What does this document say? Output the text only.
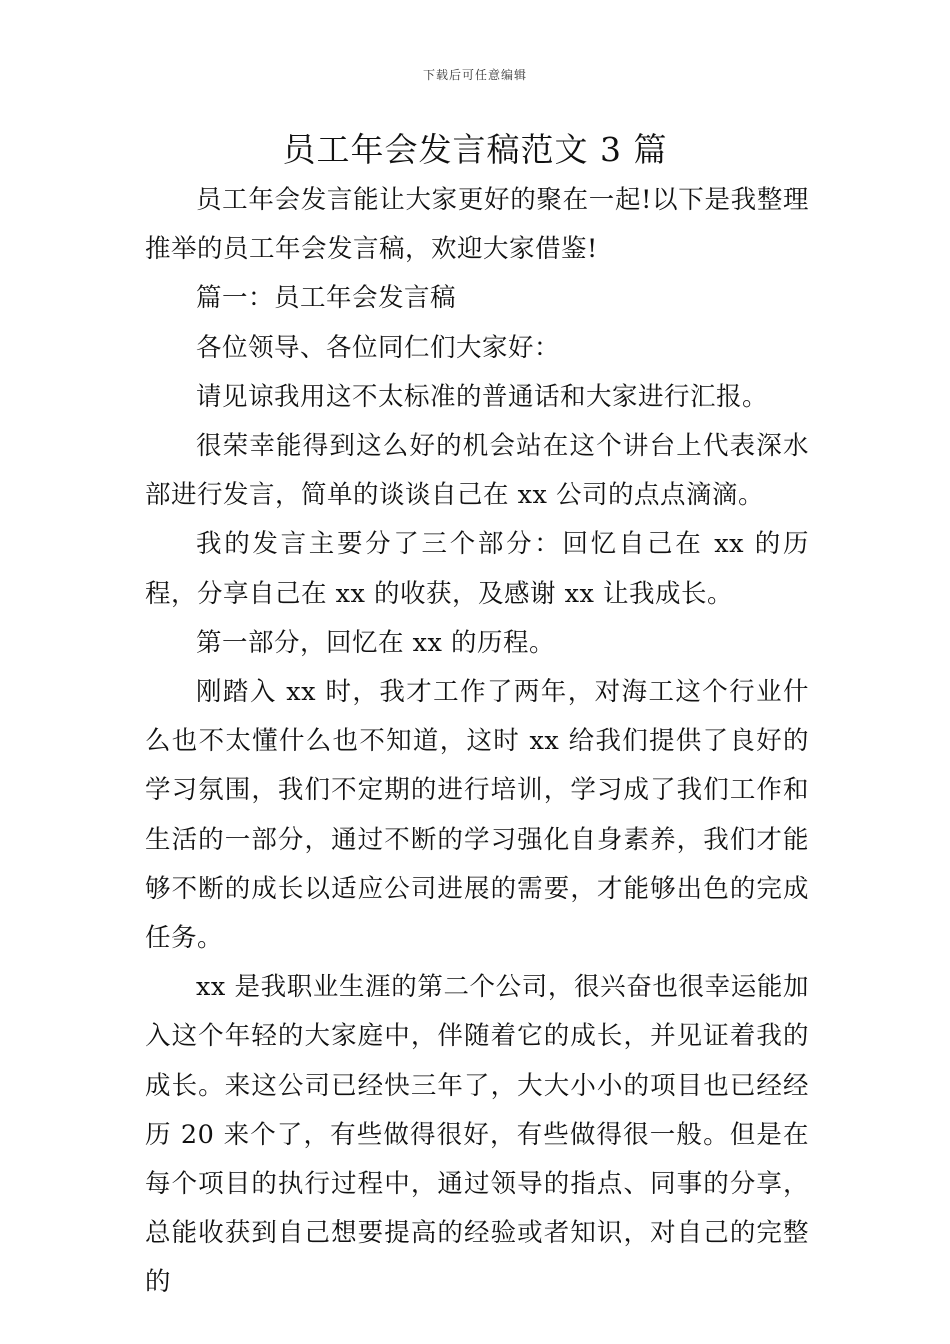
下载后可任意编辑
员工年会发言稿范文 3 篇

员工年会发言能让大家更好的聚在一起!以下是我整理推举的员工年会发言稿，欢迎大家借鉴!

篇一：员工年会发言稿

各位领导、各位同仁们大家好：

请见谅我用这不太标准的普通话和大家进行汇报。

很荣幸能得到这么好的机会站在这个讲台上代表深水部进行发言，简单的谈谈自己在 xx 公司的点点滴滴。

我的发言主要分了三个部分：回忆自己在 xx 的历程，分享自己在 xx 的收获，及感谢 xx 让我成长。

第一部分，回忆在 xx 的历程。

刚踏入 xx 时，我才工作了两年，对海工这个行业什么也不太懂什么也不知道，这时 xx 给我们提供了良好的学习氛围，我们不定期的进行培训，学习成了我们工作和生活的一部分，通过不断的学习强化自身素养，我们才能够不断的成长以适应公司进展的需要，才能够出色的完成任务。

xx 是我职业生涯的第二个公司，很兴奋也很幸运能加入这个年轻的大家庭中，伴随着它的成长，并见证着我的成长。来这公司已经快三年了，大大小小的项目也已经经历 20 来个了，有些做得很好，有些做得很一般。但是在每个项目的执行过程中，通过领导的指点、同事的分享，总能收获到自己想要提高的经验或者知识，对自己的完整的
